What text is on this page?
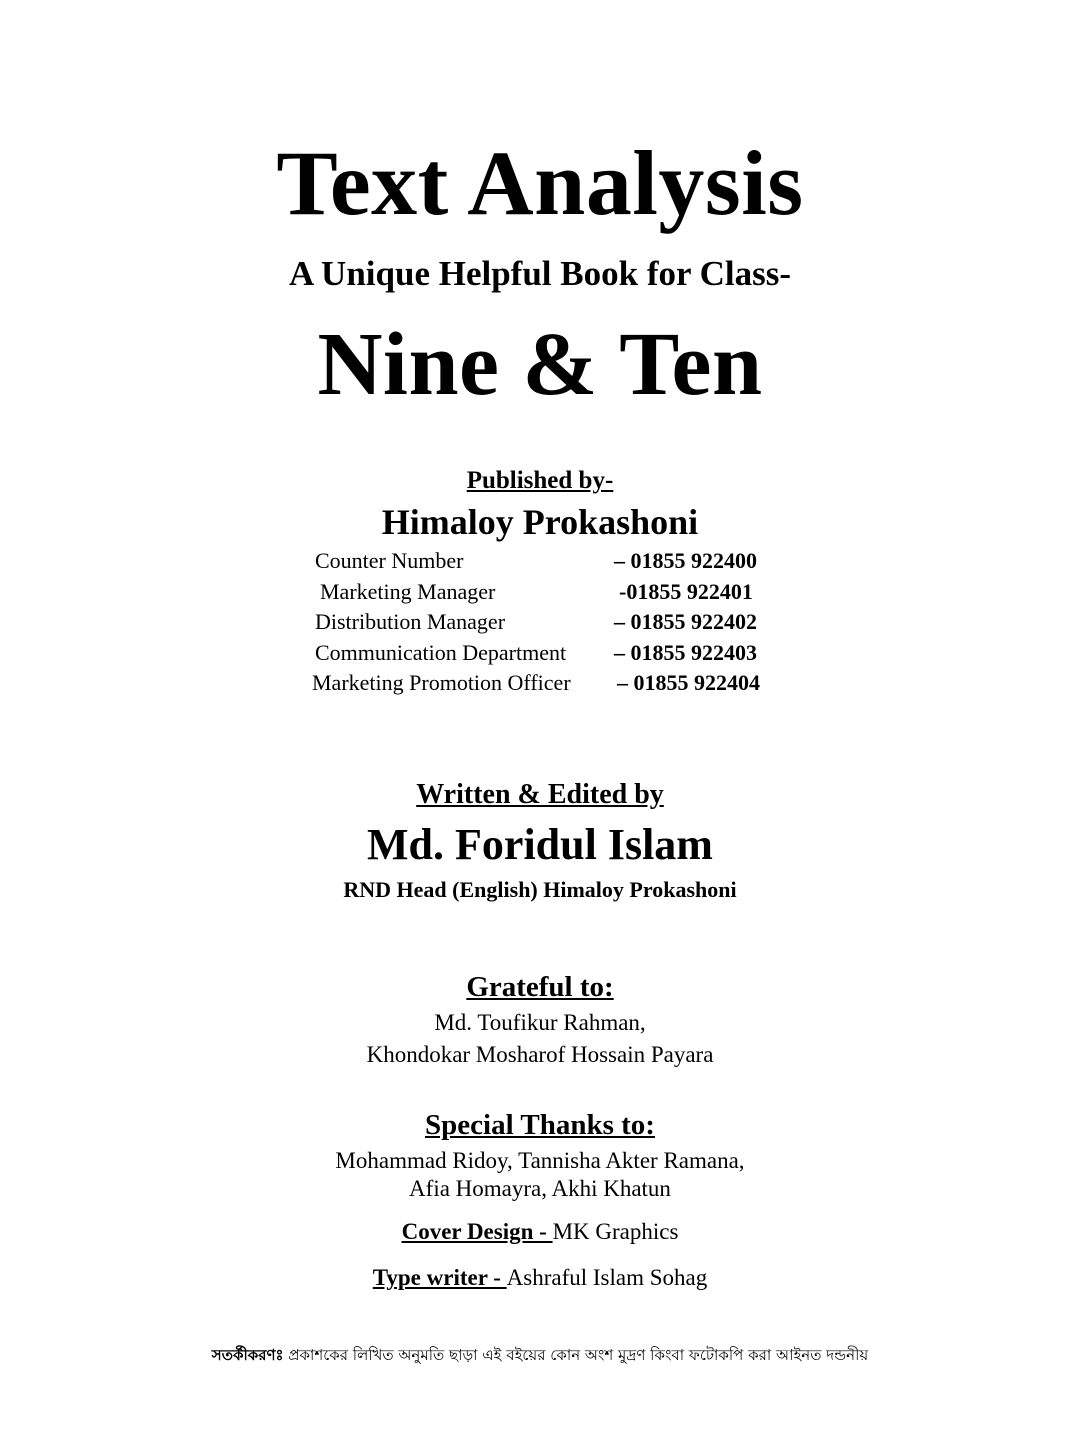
Text Analysis
A Unique Helpful Book for Class-
Nine & Ten
Published by-
Himaloy Prokashoni
Counter Number	– 01855 922400
Marketing Manager	-01855 922401
Distribution Manager	– 01855 922402
Communication Department – 01855 922403
Marketing Promotion Officer – 01855 922404
Written & Edited by
Md. Foridul Islam
RND Head (English) Himaloy Prokashoni
Grateful to:
Md. Toufikur Rahman,
Khondokar Mosharof Hossain Payara
Special Thanks to:
Mohammad Ridoy, Tannisha Akter Ramana,
Afia Homayra, Akhi Khatun
Cover Design - MK Graphics
Type writer - Ashraful Islam Sohag
সতর্কীকরণঃ প্রকাশকের লিখিত অনুমতি ছাড়া এই বইয়ের কোন অংশ মুদ্রণ কিংবা ফটোকপি করা আইনত দন্ডনীয়
